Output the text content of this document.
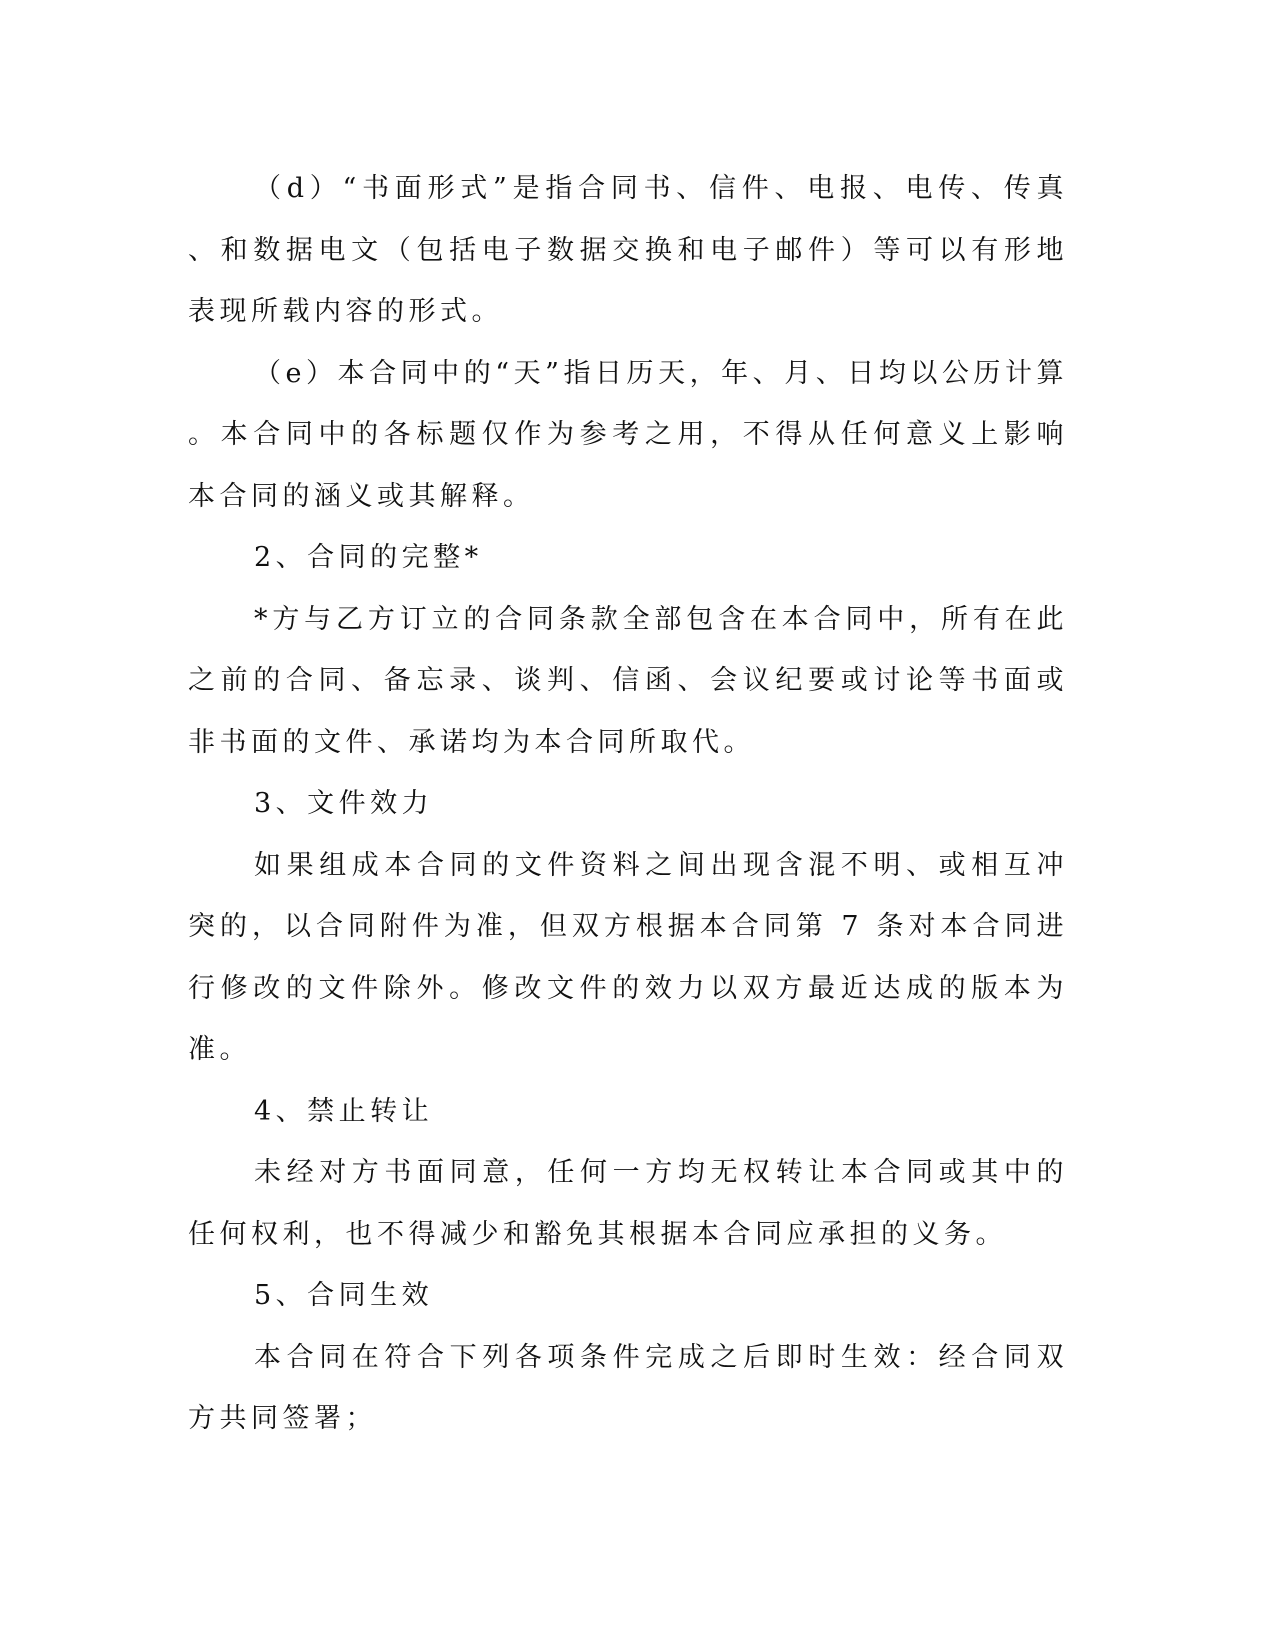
（d）“书面形式”是指合同书、信件、电报、电传、传真、和数据电文（包括电子数据交换和电子邮件）等可以有形地表现所载内容的形式。

（e）本合同中的“天”指日历天，年、月、日均以公历计算。本合同中的各标题仅作为参考之用，不得从任何意义上影响本合同的涵义或其解释。

2、合同的完整*

*方与乙方订立的合同条款全部包含在本合同中，所有在此之前的合同、备忘录、谈判、信函、会议纪要或讨论等书面或非书面的文件、承诺均为本合同所取代。

3、文件效力

如果组成本合同的文件资料之间出现含混不明、或相互冲突的，以合同附件为准，但双方根据本合同第 7 条对本合同进行修改的文件除外。修改文件的效力以双方最近达成的版本为准。

4、禁止转让

未经对方书面同意，任何一方均无权转让本合同或其中的任何权利，也不得减少和豁免其根据本合同应承担的义务。

5、合同生效

本合同在符合下列各项条件完成之后即时生效：经合同双方共同签署；
